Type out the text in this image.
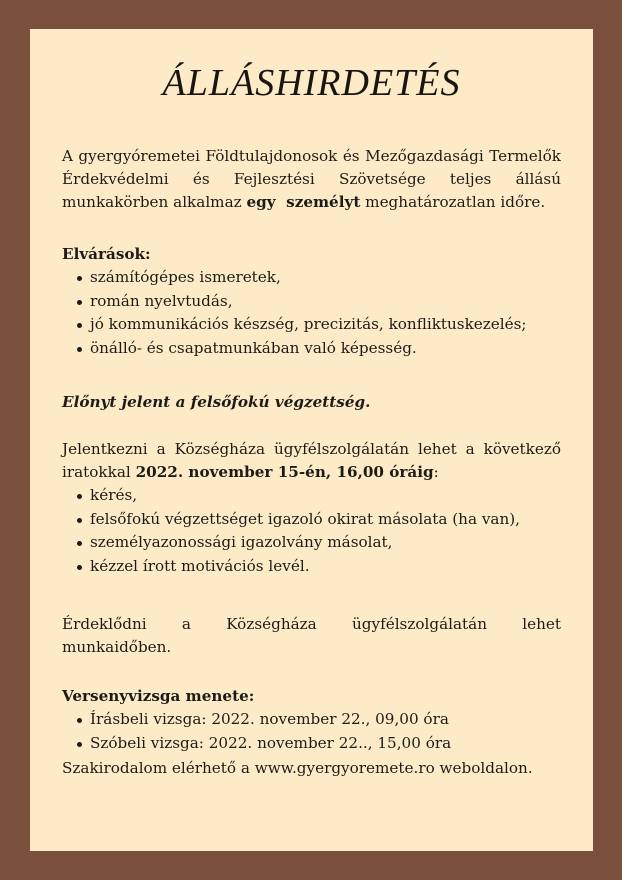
ÁLLÁSHIRDETÉS

A gyergyóremetei Földtulajdonosok és Mezőgazdasági Termelők Érdekvédelmi és Fejlesztési Szövetsége teljes állású munkakörben alkalmaz egy  személyt meghatározatlan időre.

Elvárások:
számítógépes ismeretek,
román nyelvtudás,
jó kommunikációs készség, precizitás, konfliktuskezelés;
önálló- és csapatmunkában való képesség.

Előnyt jelent a felsőfokú végzettség.

Jelentkezni a Községháza ügyfélszolgálatán lehet a következő iratokkal 2022. november 15-én, 16,00 óráig:

kérés,
felsőfokú végzettséget igazoló okirat másolata (ha van),
személyazonossági igazolvány másolat,
kézzel írott motivációs levél.
Érdeklődni a Községháza ügyfélszolgálatán lehet
munkaidőben.
Versenyvizsga menete:
Írásbeli vizsga: 2022. november 22., 09,00 óra
Szóbeli vizsga: 2022. november 22.., 15,00 óra

Szakirodalom elérhető a www.gyergyoremete.ro weboldalon.
